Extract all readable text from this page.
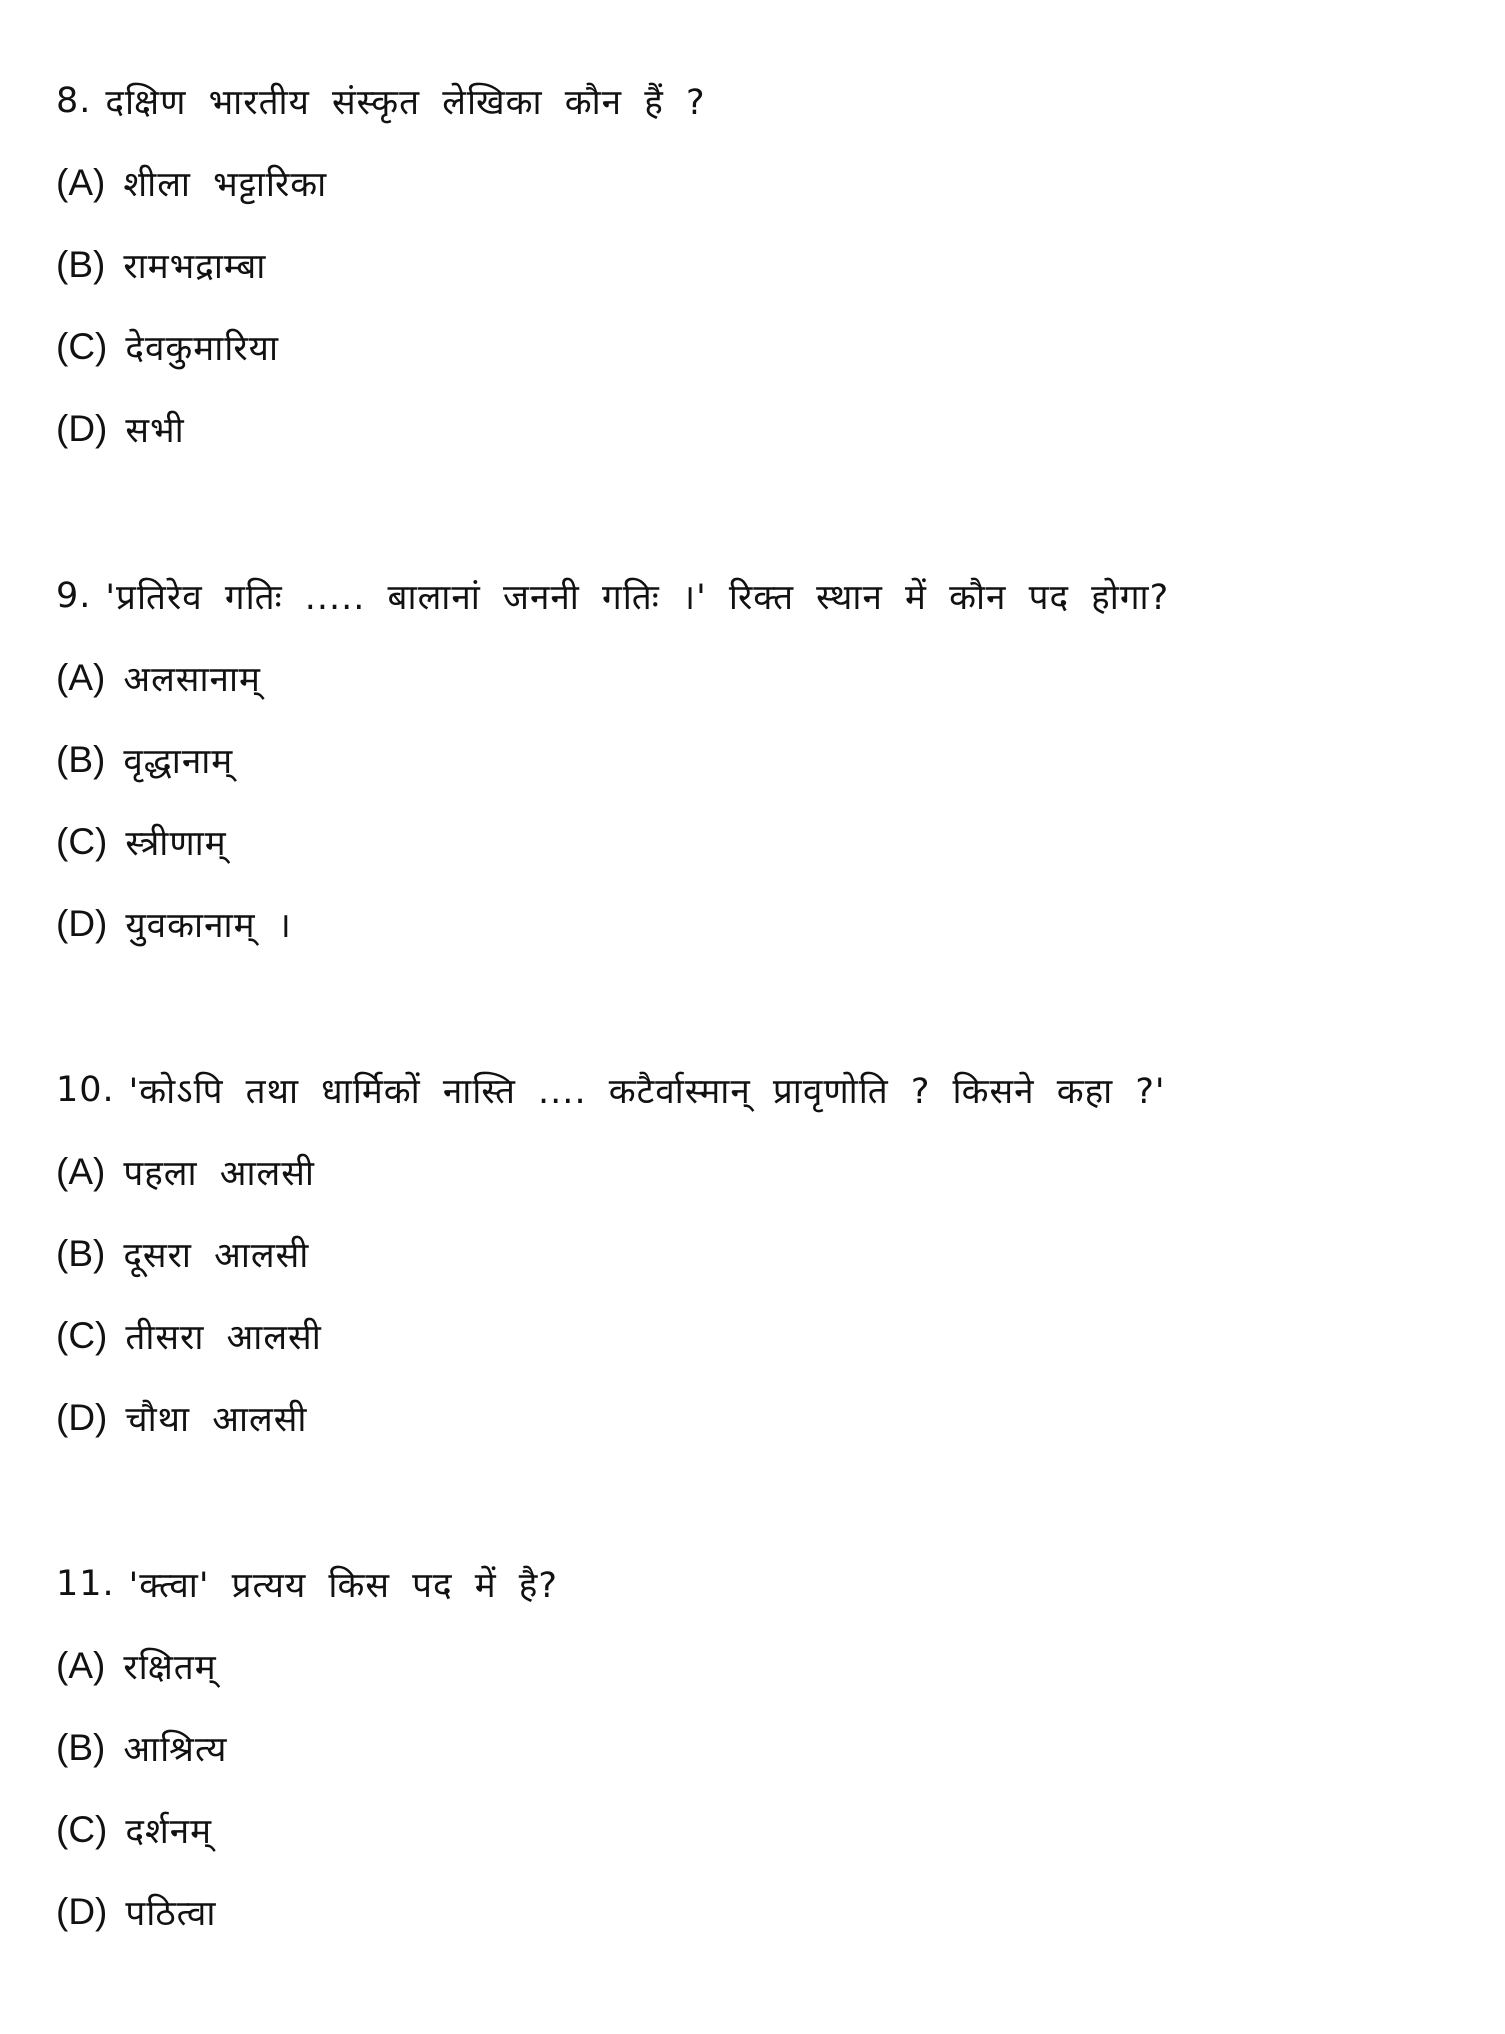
8. दक्षिण भारतीय संस्कृत लेखिका कौन हैं ?
(A) शीला भट्टारिका
(B) रामभद्राम्बा
(C) देवकुमारिया
(D) सभी
9. 'प्रतिरेव गतिः ..... बालानां जननी गतिः ।' रिक्त स्थान में कौन पद होगा?
(A) अलसानाम्
(B) वृद्धानाम्
(C) स्त्रीणाम्
(D) युवकानाम् ।
10. 'कोऽपि तथा धार्मिकों नास्ति .... कटैर्वास्मान् प्रावृणोति ? किसने कहा ?'
(A) पहला आलसी
(B) दूसरा आलसी
(C) तीसरा आलसी
(D) चौथा आलसी
11. 'क्त्वा' प्रत्यय किस पद में है?
(A) रक्षितम्
(B) आश्रित्य
(C) दर्शनम्
(D) पठित्वा
